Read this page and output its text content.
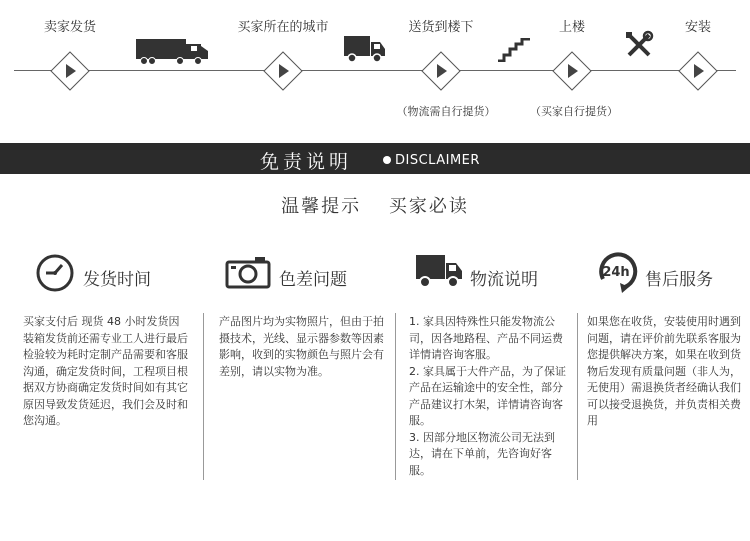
卖家发货	买家所在的城市	送货到楼下	上楼	安装
（物流需自行提货）	（买家自行提货）
免责说明	DISCLAIMER
温馨提示 买家必读
24h
发货时间	色差问题	物流说明	售后服务

买家支付后 现货 48 小时发货因装箱发货前还需专业工人进行最后检验较为耗时定制产品需要和客服沟通，确定发货时间，工程项目根据双方协商确定发货时间如有其它原因导致发货延迟，我们会及时和您沟通。

产品图片均为实物照片，但由于拍摄技术，光线、显示器参数等因素影响，收到的实物颜色与照片会有差别，请以实物为准。

1. 家具因特殊性只能发物流公司，因各地路程、产品不同运费详情请咨询客服。

2. 家具属于大件产品，为了保证产品在运输途中的安全性，部分产品建议打木架，详情请咨询客服。

3. 因部分地区物流公司无法到达，请在下单前，先咨询好客服。

如果您在收货，安装使用时遇到问题，请在评价前先联系客服为您提供解决方案，如果在收到货物后发现有质量问题（非人为，无使用）需退换货者经确认我们可以接受退换货，并负责相关费用
